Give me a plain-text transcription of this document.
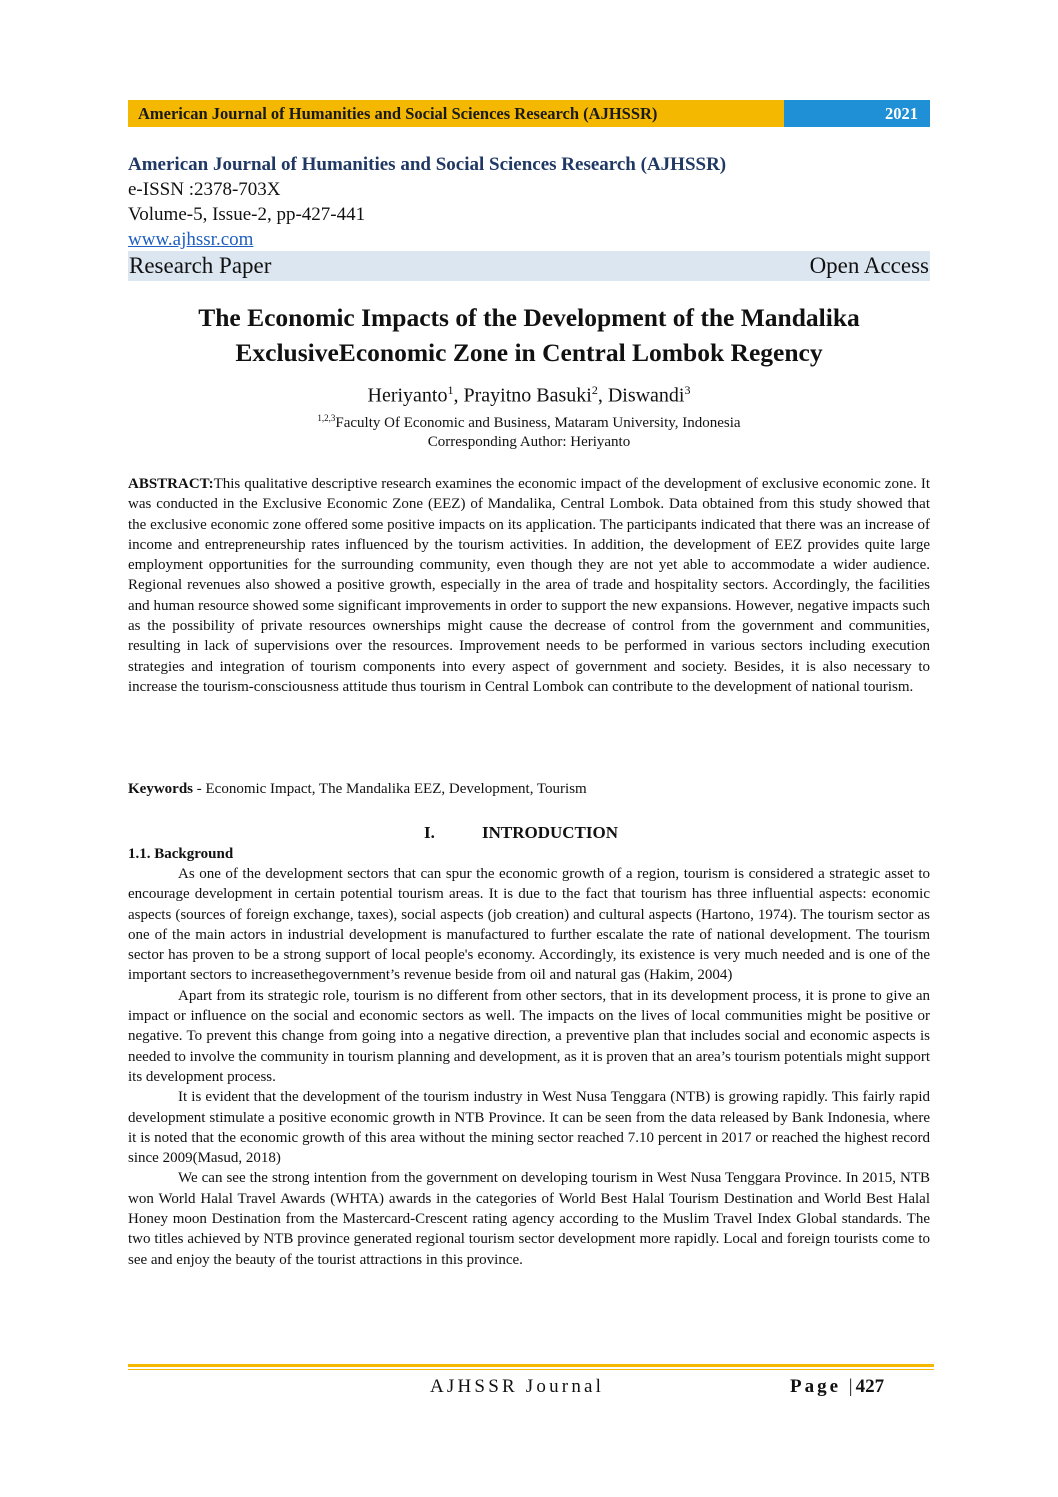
American Journal of Humanities and Social Sciences Research (AJHSSR)	2021
American Journal of Humanities and Social Sciences Research (AJHSSR)
e-ISSN :2378-703X
Volume-5, Issue-2, pp-427-441
www.ajhssr.com
Research Paper	Open Access
The Economic Impacts of the Development of the Mandalika
ExclusiveEconomic Zone in Central Lombok Regency
Heriyanto$^1$, Prayitno Basuki$^2$, Diswandi$^3$
$^{1,2,3}$Faculty Of Economic and Business, Mataram University, Indonesia
Corresponding Author: Heriyanto
ABSTRACT:This qualitative descriptive research examines the economic impact of the development of exclusive economic zone. It was conducted in the Exclusive Economic Zone (EEZ) of Mandalika, Central Lombok. Data obtained from this study showed that the exclusive economic zone offered some positive impacts on its application. The participants indicated that there was an increase of income and entrepreneurship rates influenced by the tourism activities. In addition, the development of EEZ provides quite large employment opportunities for the surrounding community, even though they are not yet able to accommodate a wider audience. Regional revenues also showed a positive growth, especially in the area of trade and hospitality sectors. Accordingly, the facilities and human resource showed some significant improvements in order to support the new expansions. However, negative impacts such as the possibility of private resources ownerships might cause the decrease of control from the government and communities, resulting in lack of supervisions over the resources. Improvement needs to be performed in various sectors including execution strategies and integration of tourism components into every aspect of government and society. Besides, it is also necessary to increase the tourism-consciousness attitude thus tourism in Central Lombok can contribute to the development of national tourism.
Keywords - Economic Impact, The Mandalika EEZ, Development, Tourism
I.	INTRODUCTION
1.1. Background

As one of the development sectors that can spur the economic growth of a region, tourism is considered a strategic asset to encourage development in certain potential tourism areas. It is due to the fact that tourism has three influential aspects: economic aspects (sources of foreign exchange, taxes), social aspects (job creation) and cultural aspects (Hartono, 1974). The tourism sector as one of the main actors in industrial development is manufactured to further escalate the rate of national development. The tourism sector has proven to be a strong support of local people's economy. Accordingly, its existence is very much needed and is one of the important sectors to increasethegovernment’s revenue beside from oil and natural gas (Hakim, 2004)

Apart from its strategic role, tourism is no different from other sectors, that in its development process, it is prone to give an impact or influence on the social and economic sectors as well. The impacts on the lives of local communities might be positive or negative. To prevent this change from going into a negative direction, a preventive plan that includes social and economic aspects is needed to involve the community in tourism planning and development, as it is proven that an area’s tourism potentials might support its development process.

It is evident that the development of the tourism industry in West Nusa Tenggara (NTB) is growing rapidly. This fairly rapid development stimulate a positive economic growth in NTB Province. It can be seen from the data released by Bank Indonesia, where it is noted that the economic growth of this area without the mining sector reached 7.10 percent in 2017 or reached the highest record since 2009(Masud, 2018)

We can see the strong intention from the government on developing tourism in West Nusa Tenggara Province. In 2015, NTB won World Halal Travel Awards (WHTA) awards in the categories of World Best Halal Tourism Destination and World Best Halal Honey moon Destination from the Mastercard-Crescent rating agency according to the Muslim Travel Index Global standards. The two titles achieved by NTB province generated regional tourism sector development more rapidly. Local and foreign tourists come to see and enjoy the beauty of the tourist attractions in this province.

AJHSSR Journal	Page |427
